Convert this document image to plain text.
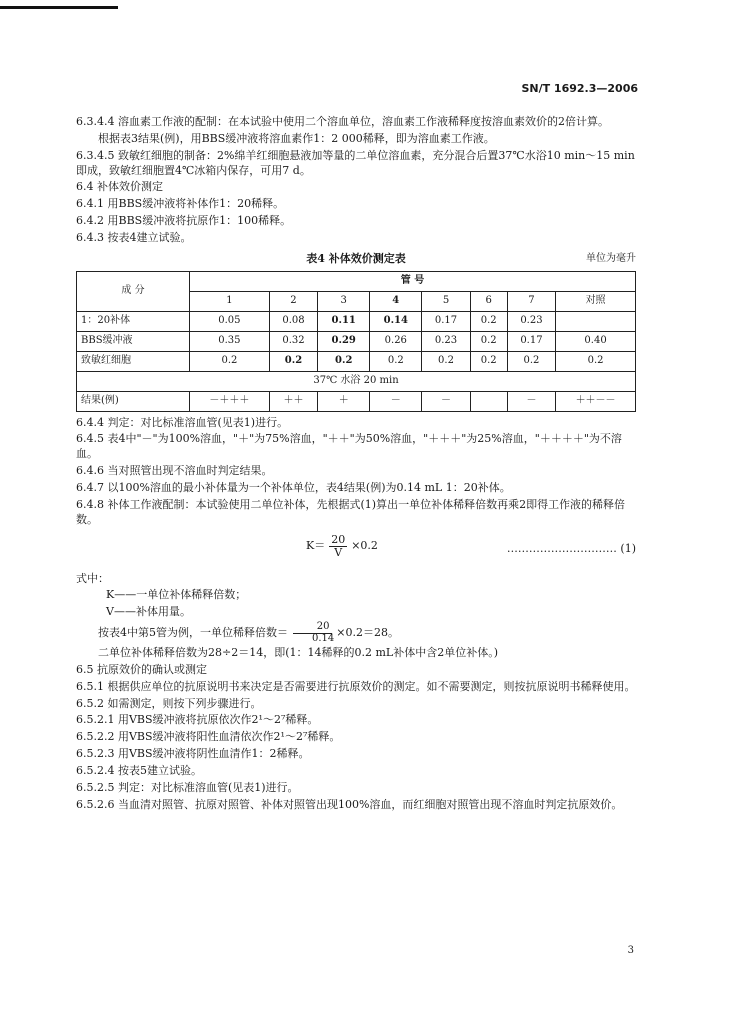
SN/T 1692.3—2006

6.3.4.4 溶血素工作液的配制：在本试验中使用二个溶血单位，溶血素工作液稀释度按溶血素效价的2倍计算。

根据表3结果(例)，用BBS缓冲液将溶血素作1：2 000稀释，即为溶血素工作液。

6.3.4.5 致敏红细胞的制备：2%绵羊红细胞悬液加等量的二单位溶血素，充分混合后置37℃水浴10 min～15 min即成，致敏红细胞置4℃冰箱内保存，可用7 d。

6.4 补体效价测定

6.4.1 用BBS缓冲液将补体作1：20稀释。

6.4.2 用BBS缓冲液将抗原作1：100稀释。

6.4.3 按表4建立试验。

表4 补体效价测定表	单位为毫升
成 分	管 号							
	1	2	3	4	5	6	7	对照
1：20补体	0.05	0.08	0.11	0.14	0.17	0.2	0.23	
BBS缓冲液	0.35	0.32	0.29	0.26	0.23	0.2	0.17	0.40
致敏红细胞	0.2	0.2	0.2	0.2	0.2	0.2	0.2	0.2
37℃ 水浴 20 min								
结果(例)	－＋＋＋	＋＋	＋	－	－		－	＋＋－－

6.4.4 判定：对比标准溶血管(见表1)进行。

6.4.5 表4中"－"为100%溶血，"＋"为75%溶血，"＋＋"为50%溶血，"＋＋＋"为25%溶血，"＋＋＋＋"为不溶血。

6.4.6 当对照管出现不溶血时判定结果。

6.4.7 以100%溶血的最小补体量为一个补体单位，表4结果(例)为0.14 mL 1：20补体。

6.4.8 补体工作液配制：本试验使用二单位补体，先根据式(1)算出一单位补体稀释倍数再乘2即得工作液的稀释倍数。

$K= \frac{20}{V} \times 0.2$	………………………… (1)

式中：

K——一单位补体稀释倍数；

V——补体用量。

按表4中第5管为例，一单位稀释倍数＝ $\frac{20}{0.14} \times 0.2=28$。

二单位补体稀释倍数为28÷2＝14，即(1：14稀释的0.2 mL补体中含2单位补体。)

6.5 抗原效价的确认或测定

6.5.1 根据供应单位的抗原说明书来决定是否需要进行抗原效价的测定。如不需要测定，则按抗原说明书稀释使用。

6.5.2 如需测定，则按下列步骤进行。

6.5.2.1 用VBS缓冲液将抗原依次作2¹～2⁷稀释。

6.5.2.2 用VBS缓冲液将阳性血清依次作2¹～2⁷稀释。

6.5.2.3 用VBS缓冲液将阴性血清作1：2稀释。

6.5.2.4 按表5建立试验。

6.5.2.5 判定：对比标准溶血管(见表1)进行。

6.5.2.6 当血清对照管、抗原对照管、补体对照管出现100%溶血，而红细胞对照管出现不溶血时判定抗原效价。

3
